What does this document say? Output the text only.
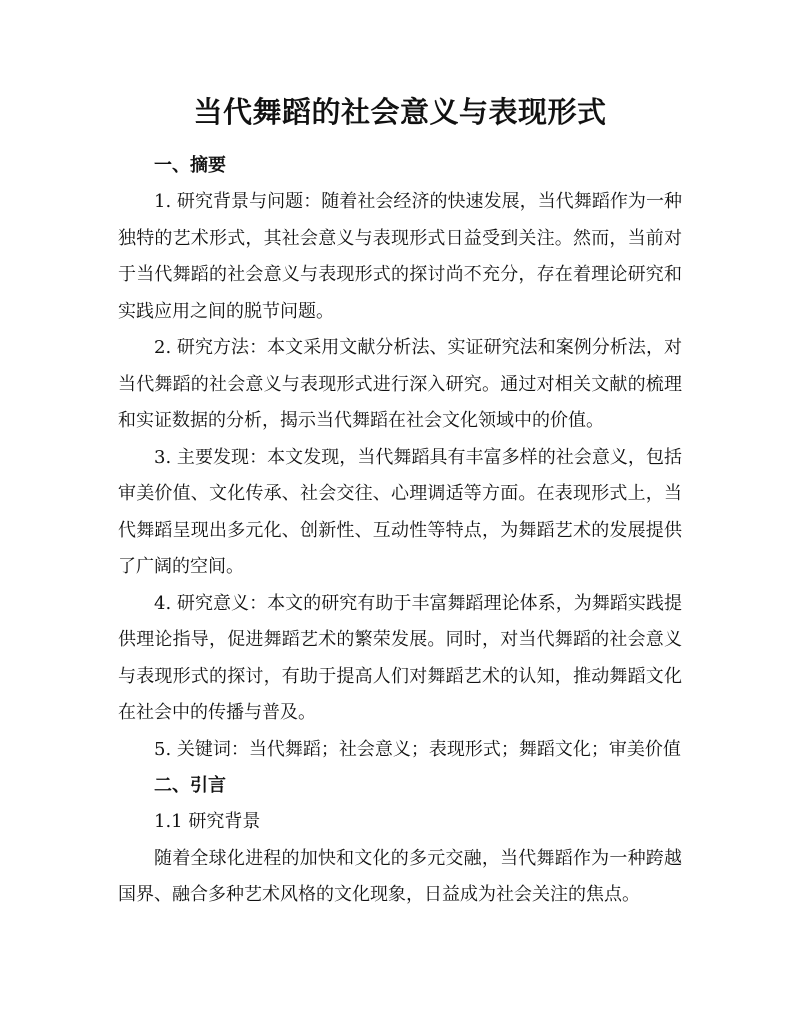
当代舞蹈的社会意义与表现形式
一、摘要

1. 研究背景与问题：随着社会经济的快速发展，当代舞蹈作为一种独特的艺术形式，其社会意义与表现形式日益受到关注。然而，当前对于当代舞蹈的社会意义与表现形式的探讨尚不充分，存在着理论研究和实践应用之间的脱节问题。

2. 研究方法：本文采用文献分析法、实证研究法和案例分析法，对当代舞蹈的社会意义与表现形式进行深入研究。通过对相关文献的梳理和实证数据的分析，揭示当代舞蹈在社会文化领域中的价值。

3. 主要发现：本文发现，当代舞蹈具有丰富多样的社会意义，包括审美价值、文化传承、社会交往、心理调适等方面。在表现形式上，当代舞蹈呈现出多元化、创新性、互动性等特点，为舞蹈艺术的发展提供了广阔的空间。

4. 研究意义：本文的研究有助于丰富舞蹈理论体系，为舞蹈实践提供理论指导，促进舞蹈艺术的繁荣发展。同时，对当代舞蹈的社会意义与表现形式的探讨，有助于提高人们对舞蹈艺术的认知，推动舞蹈文化在社会中的传播与普及。

5. 关键词：当代舞蹈；社会意义；表现形式；舞蹈文化；审美价值

二、引言

1.1 研究背景

随着全球化进程的加快和文化的多元交融，当代舞蹈作为一种跨越国界、融合多种艺术风格的文化现象，日益成为社会关注的焦点。
